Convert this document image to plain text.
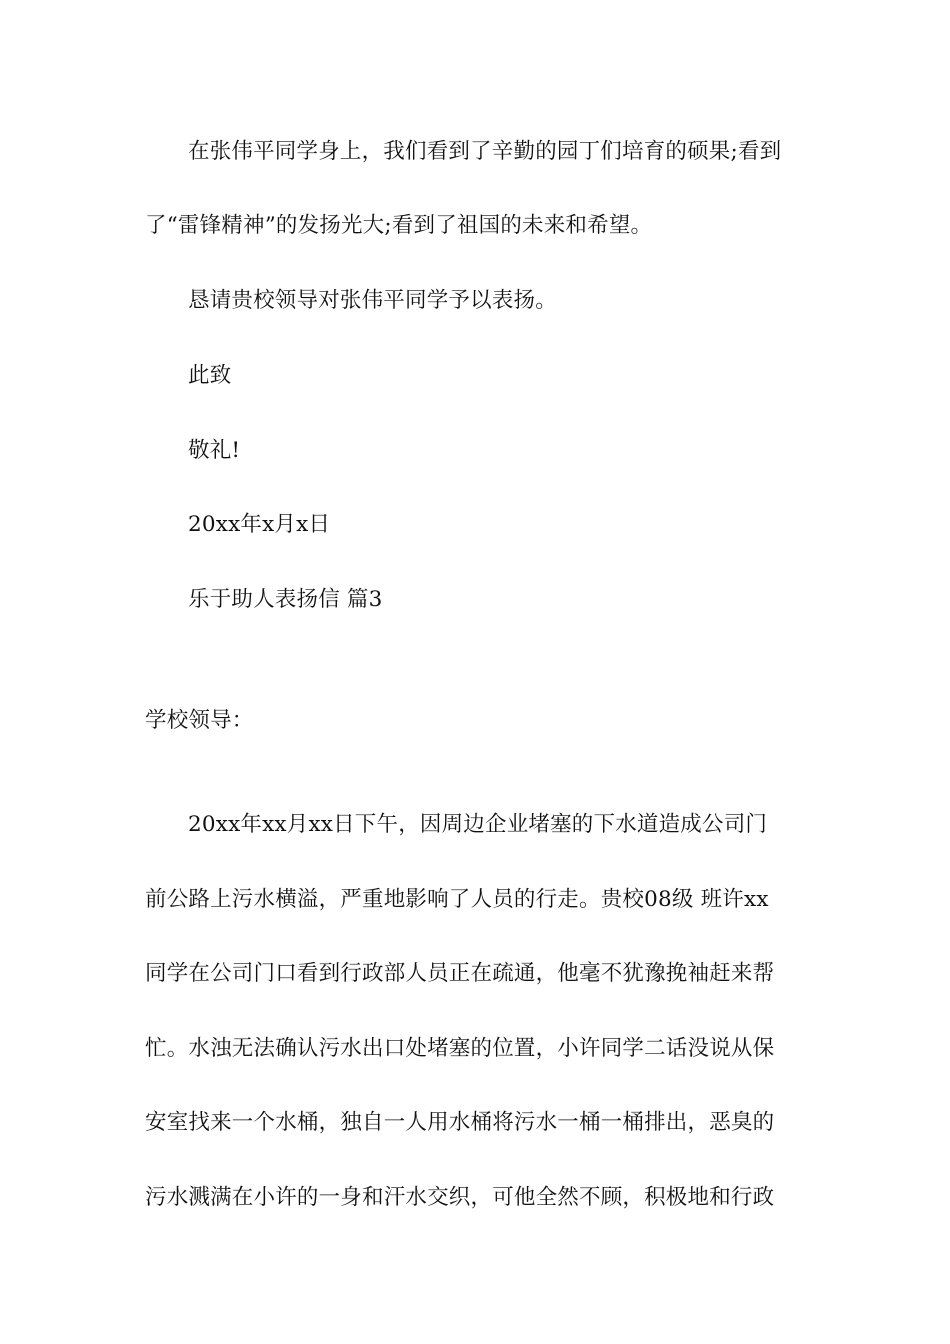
在张伟平同学身上，我们看到了辛勤的园丁们培育的硕果;看到
了“雷锋精神”的发扬光大;看到了祖国的未来和希望。
恳请贵校领导对张伟平同学予以表扬。
此致
敬礼!
20xx年x月x日
乐于助人表扬信 篇3
学校领导：
20xx年xx月xx日下午，因周边企业堵塞的下水道造成公司门
前公路上污水横溢，严重地影响了人员的行走。贵校08级 班许xx
同学在公司门口看到行政部人员正在疏通，他毫不犹豫挽袖赶来帮
忙。水浊无法确认污水出口处堵塞的位置，小许同学二话没说从保
安室找来一个水桶，独自一人用水桶将污水一桶一桶排出，恶臭的
污水溅满在小许的一身和汗水交织，可他全然不顾，积极地和行政
